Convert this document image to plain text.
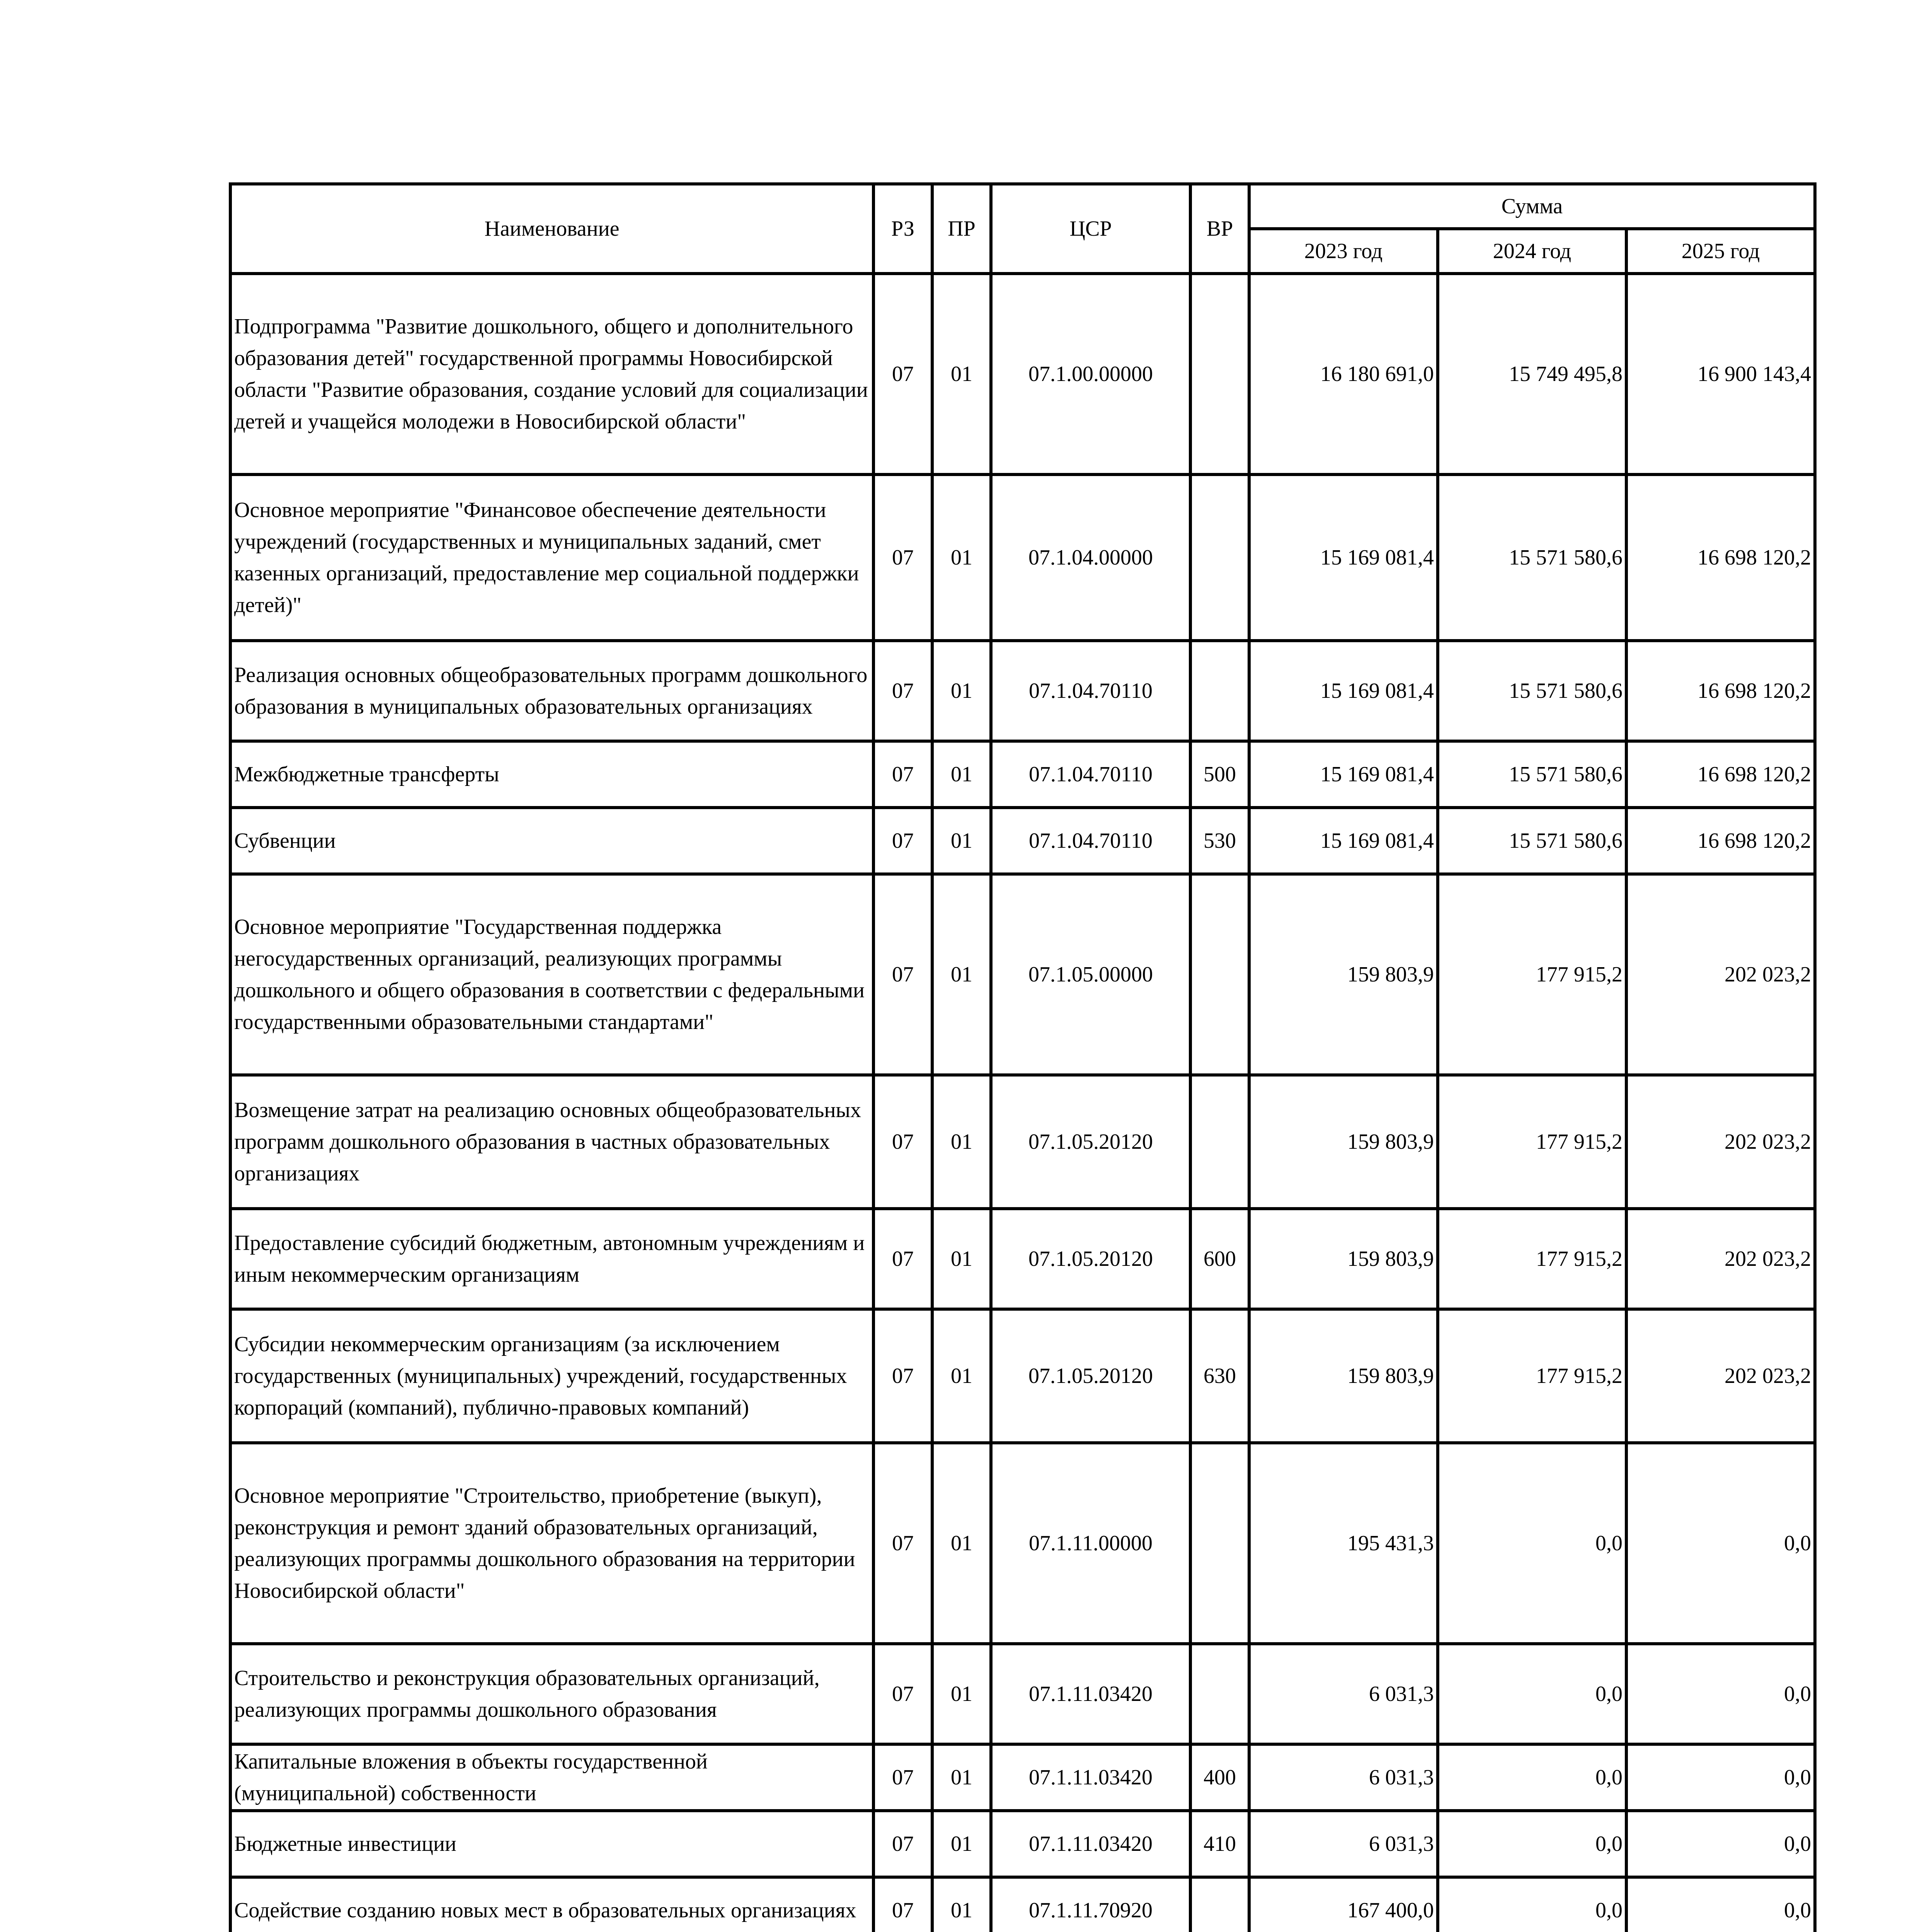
Наименование	РЗ	ПР	ЦСР	ВР	Сумма		
					2023 год	2024 год	2025 год
Подпрограмма "Развитие дошкольного, общего и дополнительного образования детей" государственной программы Новосибирской области "Развитие образования, создание условий для социализации детей и учащейся молодежи в Новосибирской области"	07	01	07.1.00.00000		16 180 691,0	15 749 495,8	16 900 143,4
Основное мероприятие "Финансовое обеспечение деятельности учреждений (государственных и муниципальных заданий, смет казенных организаций, предоставление мер социальной поддержки детей)"	07	01	07.1.04.00000		15 169 081,4	15 571 580,6	16 698 120,2
Реализация основных общеобразовательных программ дошкольного образования в муниципальных образовательных организациях	07	01	07.1.04.70110		15 169 081,4	15 571 580,6	16 698 120,2
Межбюджетные трансферты	07	01	07.1.04.70110	500	15 169 081,4	15 571 580,6	16 698 120,2
Субвенции	07	01	07.1.04.70110	530	15 169 081,4	15 571 580,6	16 698 120,2
Основное мероприятие "Государственная поддержка негосударственных организаций, реализующих программы дошкольного и общего образования в соответствии с федеральными государственными образовательными стандартами"	07	01	07.1.05.00000		159 803,9	177 915,2	202 023,2
Возмещение затрат на реализацию основных общеобразовательных программ дошкольного образования в частных образовательных организациях	07	01	07.1.05.20120		159 803,9	177 915,2	202 023,2
Предоставление субсидий бюджетным, автономным учреждениям и иным некоммерческим организациям	07	01	07.1.05.20120	600	159 803,9	177 915,2	202 023,2
Субсидии некоммерческим организациям (за исключением государственных (муниципальных) учреждений, государственных корпораций (компаний), публично-правовых компаний)	07	01	07.1.05.20120	630	159 803,9	177 915,2	202 023,2
Основное мероприятие "Строительство, приобретение (выкуп), реконструкция и ремонт зданий образовательных организаций, реализующих программы дошкольного образования на территории Новосибирской области"	07	01	07.1.11.00000		195 431,3	0,0	0,0
Строительство и реконструкция образовательных организаций, реализующих программы дошкольного образования	07	01	07.1.11.03420		6 031,3	0,0	0,0
Капитальные вложения в объекты государственной (муниципальной) собственности	07	01	07.1.11.03420	400	6 031,3	0,0	0,0
Бюджетные инвестиции	07	01	07.1.11.03420	410	6 031,3	0,0	0,0
Содействие созданию новых мест в образовательных организациях	07	01	07.1.11.70920		167 400,0	0,0	0,0
